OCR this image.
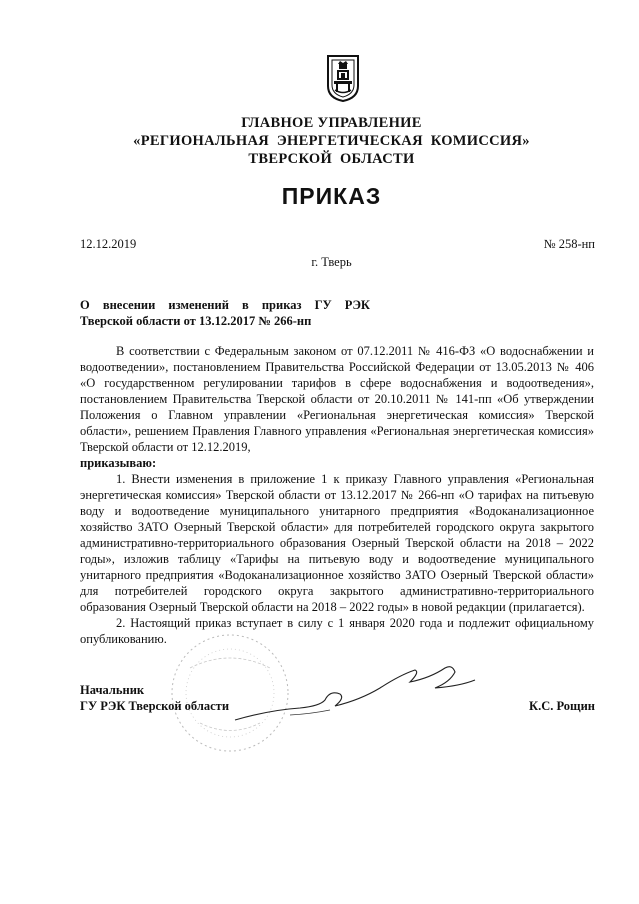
ГЛАВНОЕ УПРАВЛЕНИЕ
«РЕГИОНАЛЬНАЯ ЭНЕРГЕТИЧЕСКАЯ КОМИССИЯ»
ТВЕРСКОЙ ОБЛАСТИ
ПРИКАЗ
12.12.2019	№ 258-нп
г. Тверь
О внесении изменений в приказ ГУ РЭК
Тверской области от 13.12.2017 № 266-нп

В соответствии с Федеральным законом от 07.12.2011 № 416-ФЗ «О водоснабжении и водоотведении», постановлением Правительства Российской Федерации от 13.05.2013 № 406 «О государственном регулировании тарифов в сфере водоснабжения и водоотведения», постановлением Правительства Тверской области от 20.10.2011 № 141-пп «Об утверждении Положения о Главном управлении «Региональная энергетическая комиссия» Тверской области», решением Правления Главного управления «Региональная энергетическая комиссия» Тверской области от 12.12.2019,

приказываю:

1. Внести изменения в приложение 1 к приказу Главного управления «Региональная энергетическая комиссия» Тверской области от 13.12.2017 № 266-нп «О тарифах на питьевую воду и водоотведение муниципального унитарного предприятия «Водоканализационное хозяйство ЗАТО Озерный Тверской области» для потребителей городского округа закрытого административно-территориального образования Озерный Тверской области на 2018 – 2022 годы», изложив таблицу «Тарифы на питьевую воду и водоотведение муниципального унитарного предприятия «Водоканализационное хозяйство ЗАТО Озерный Тверской области» для потребителей городского округа закрытого административно-территориального образования Озерный Тверской области на 2018 – 2022 годы» в новой редакции (прилагается).

2. Настоящий приказ вступает в силу с 1 января 2020 года и подлежит официальному опубликованию.

Начальник
ГУ РЭК Тверской области	К.С. Рощин
